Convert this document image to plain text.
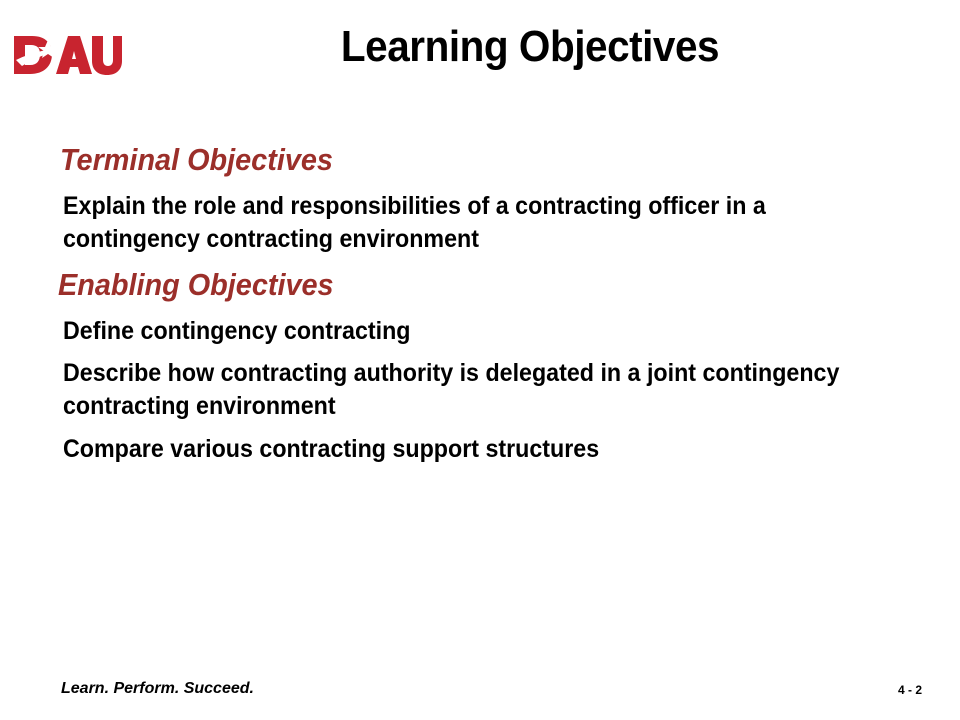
Learning Objectives
Terminal Objectives
Explain the role and responsibilities of a contracting officer in a contingency contracting environment
Enabling Objectives
Define contingency contracting
Describe how contracting authority is delegated in a joint contingency contracting environment
Compare various contracting support structures
Learn. Perform. Succeed.	4 - 2
